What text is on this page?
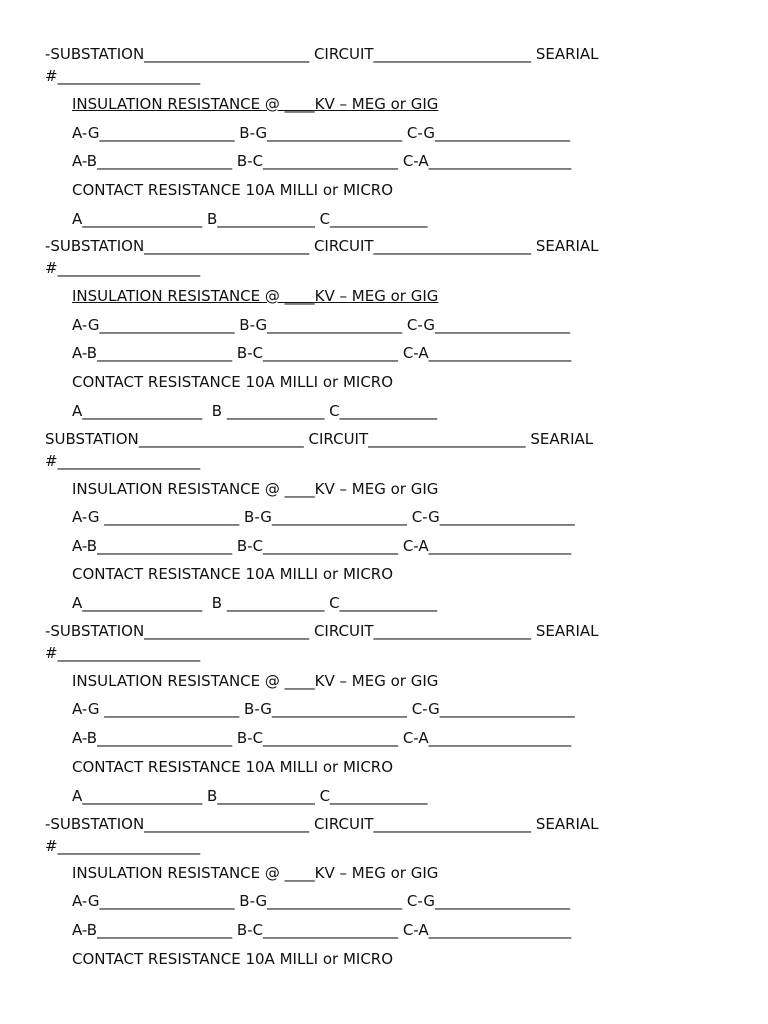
-SUBSTATION______________________ CIRCUIT_____________________ SEARIAL
#___________________
INSULATION RESISTANCE @ ____KV – MEG or GIG
A-G__________________ B-G__________________ C-G__________________
A-B__________________ B-C__________________ C-A___________________
CONTACT RESISTANCE 10A MILLI or MICRO
A________________ B_____________ C_____________
-SUBSTATION______________________ CIRCUIT_____________________ SEARIAL
#___________________
INSULATION RESISTANCE @ ____KV – MEG or GIG
A-G__________________ B-G__________________ C-G__________________
A-B__________________ B-C__________________ C-A___________________
CONTACT RESISTANCE 10A MILLI or MICRO
A________________  B _____________ C_____________
SUBSTATION______________________ CIRCUIT_____________________ SEARIAL
#___________________
INSULATION RESISTANCE @ ____KV – MEG or GIG
A-G __________________ B-G__________________ C-G__________________
A-B__________________ B-C__________________ C-A___________________
CONTACT RESISTANCE 10A MILLI or MICRO
A________________  B _____________ C_____________
-SUBSTATION______________________ CIRCUIT_____________________ SEARIAL
#___________________
INSULATION RESISTANCE @ ____KV – MEG or GIG
A-G __________________ B-G__________________ C-G__________________
A-B__________________ B-C__________________ C-A___________________
CONTACT RESISTANCE 10A MILLI or MICRO
A________________ B_____________ C_____________
-SUBSTATION______________________ CIRCUIT_____________________ SEARIAL
#___________________
INSULATION RESISTANCE @ ____KV – MEG or GIG
A-G__________________ B-G__________________ C-G__________________
A-B__________________ B-C__________________ C-A___________________
CONTACT RESISTANCE 10A MILLI or MICRO
